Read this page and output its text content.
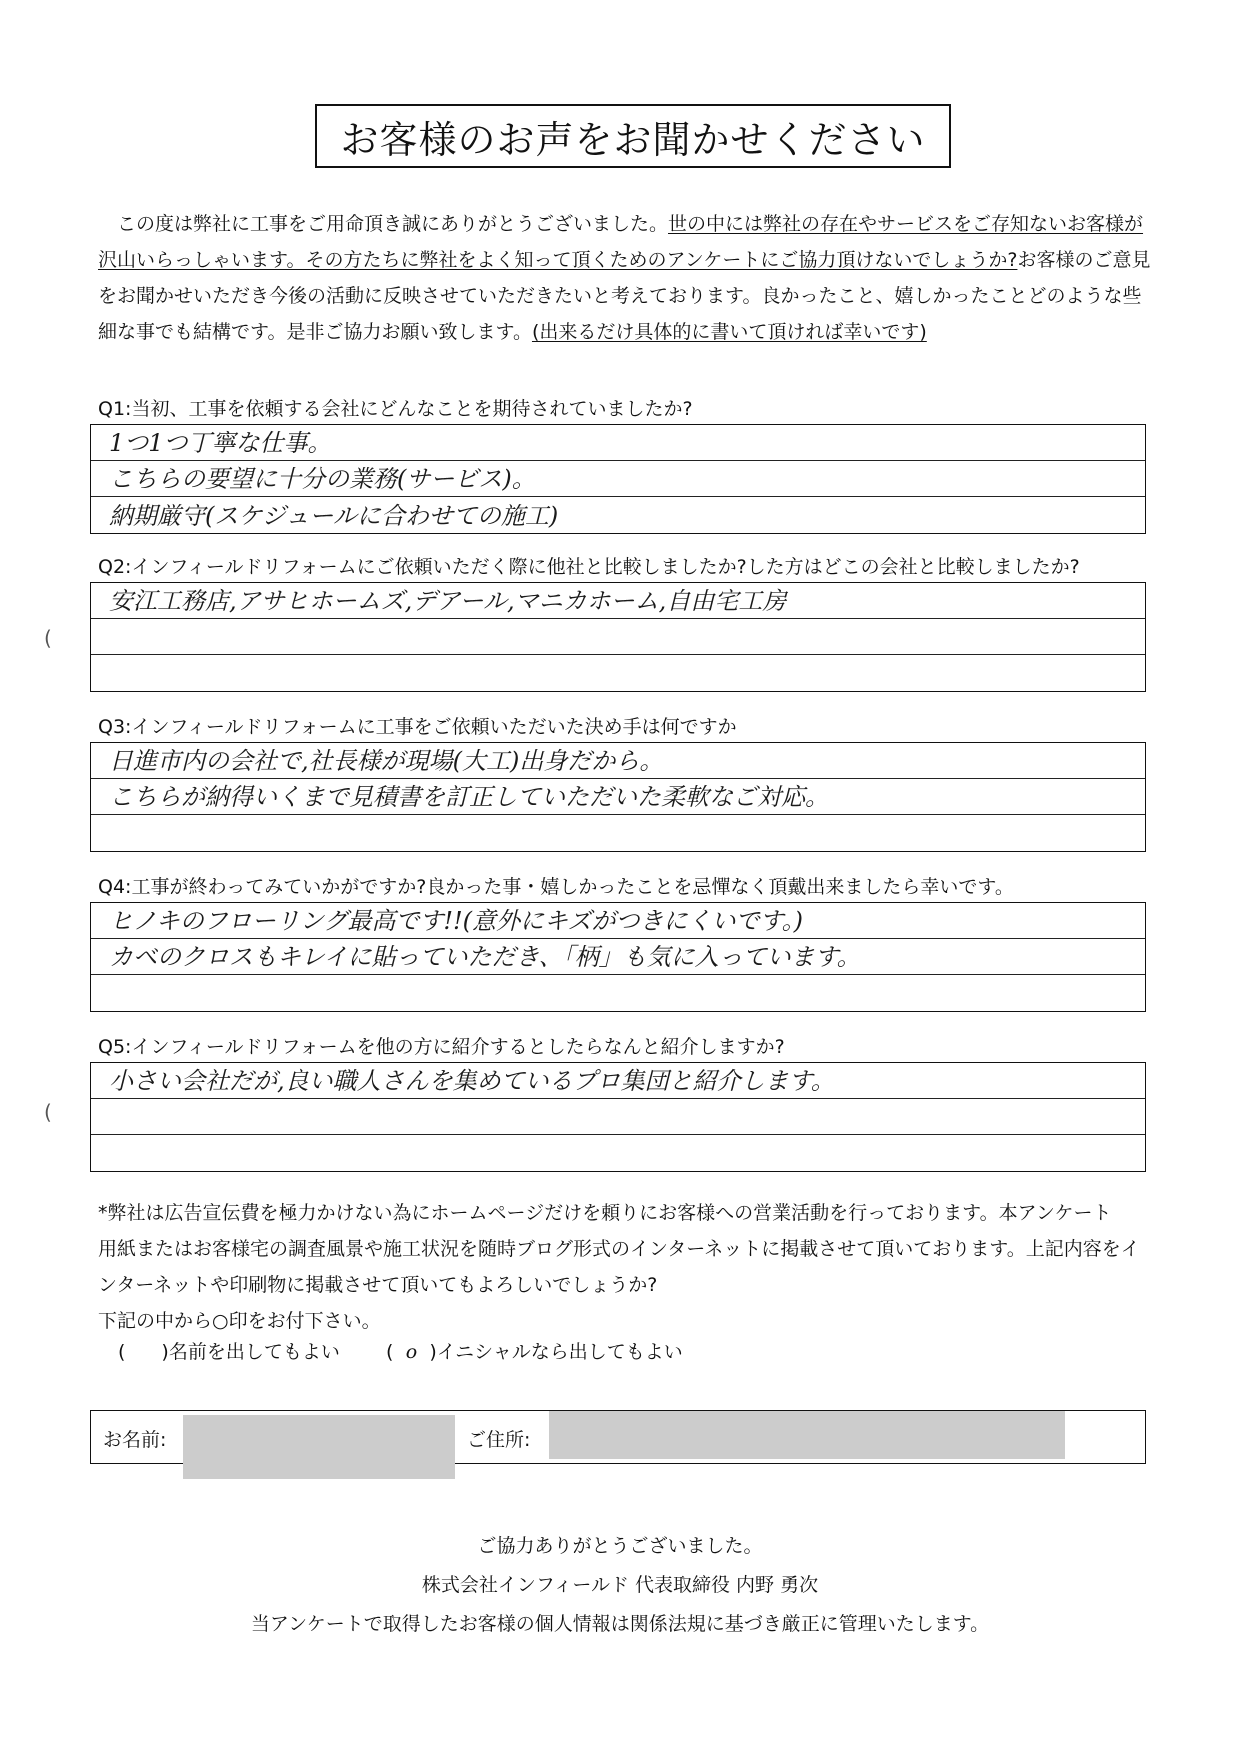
お客様のお声をお聞かせください

この度は弊社に工事をご用命頂き誠にありがとうございました。世の中には弊社の存在やサービスをご存知ないお客様が沢山いらっしゃいます。その方たちに弊社をよく知って頂くためのアンケートにご協力頂けないでしょうか?お客様のご意見をお聞かせいただき今後の活動に反映させていただきたいと考えております。良かったこと、嬉しかったことどのような些細な事でも結構です。是非ご協力お願い致します。(出来るだけ具体的に書いて頂ければ幸いです)

Q1:当初、工事を依頼する会社にどんなことを期待されていましたか?
1つ1つ丁寧な仕事。
こちらの要望に十分の業務(サービス)。
納期厳守(スケジュールに合わせての施工)
Q2:インフィールドリフォームにご依頼いただく際に他社と比較しましたか?した方はどこの会社と比較しましたか?
安江工務店,アサヒホームズ,デアール,マニカホーム,自由宅工房
Q3:インフィールドリフォームに工事をご依頼いただいた決め手は何ですか
日進市内の会社で,社長様が現場(大工)出身だから。
こちらが納得いくまで見積書を訂正していただいた柔軟なご対応。
Q4:工事が終わってみていかがですか?良かった事・嬉しかったことを忌憚なく頂戴出来ましたら幸いです。
ヒノキのフローリング最高です!!(意外にキズがつきにくいです。)
カベのクロスもキレイに貼っていただき、「柄」も気に入っています。
Q5:インフィールドリフォームを他の方に紹介するとしたらなんと紹介しますか?
小さい会社だが,良い職人さんを集めているプロ集団と紹介します。

*弊社は広告宣伝費を極力かけない為にホームページだけを頼りにお客様への営業活動を行っております。本アンケート

用紙またはお客様宅の調査風景や施工状況を随時ブログ形式のインターネットに掲載させて頂いております。上記内容をイ

ンターネットや印刷物に掲載させて頂いてもよろしいでしょうか?

下記の中から○印をお付下さい。

( )名前を出してもよい ( o )イニシャルなら出してもよい
お名前:	ご住所:
ご協力ありがとうございました。
株式会社インフィールド 代表取締役 内野 勇次
当アンケートで取得したお客様の個人情報は関係法規に基づき厳正に管理いたします。
(
(
